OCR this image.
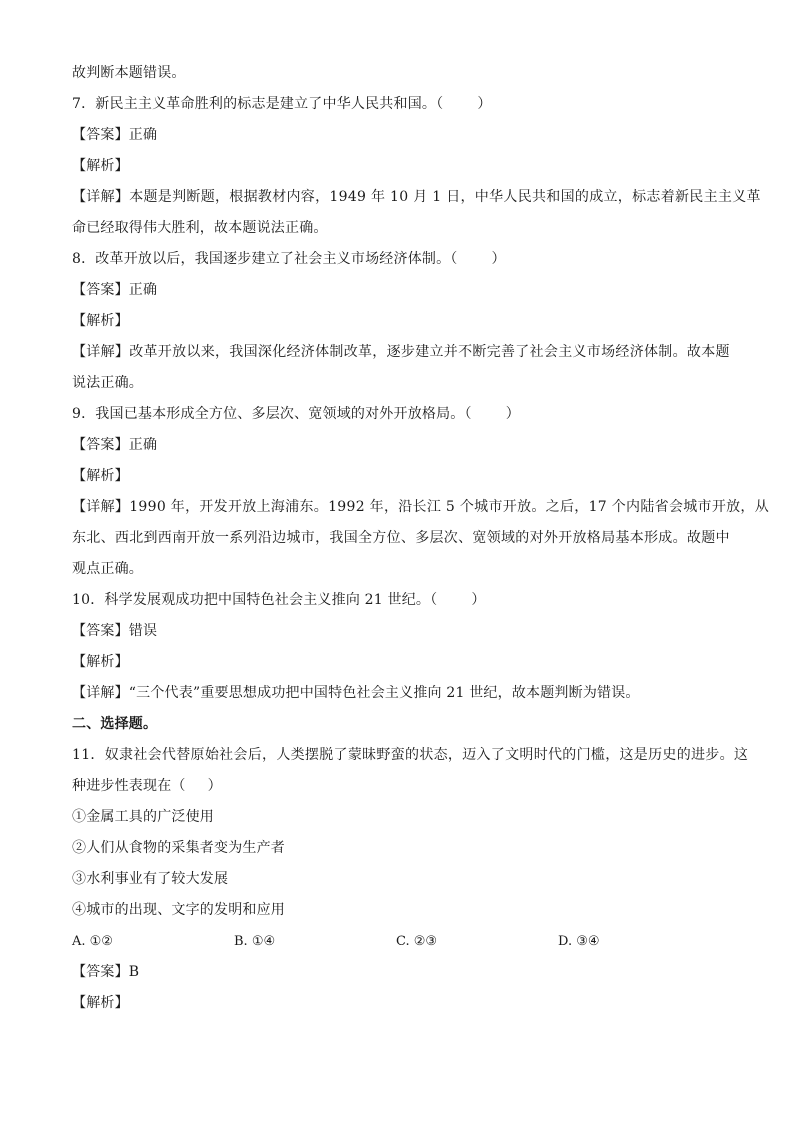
故判断本题错误。
7．新民主主义革命胜利的标志是建立了中华人民共和国。（ ）
【答案】正确
【解析】
【详解】本题是判断题，根据教材内容，1949 年 10 月 1 日，中华人民共和国的成立，标志着新民主主义革
命已经取得伟大胜利，故本题说法正确。
8．改革开放以后，我国逐步建立了社会主义市场经济体制。（ ）
【答案】正确
【解析】
【详解】改革开放以来，我国深化经济体制改革，逐步建立并不断完善了社会主义市场经济体制。故本题
说法正确。
9．我国已基本形成全方位、多层次、宽领域的对外开放格局。（ ）
【答案】正确
【解析】
【详解】1990 年，开发开放上海浦东。1992 年，沿长江 5 个城市开放。之后，17 个内陆省会城市开放，从
东北、西北到西南开放一系列沿边城市，我国全方位、多层次、宽领域的对外开放格局基本形成。故题中
观点正确。
10．科学发展观成功把中国特色社会主义推向 21 世纪。（ ）
【答案】错误
【解析】
【详解】“三个代表”重要思想成功把中国特色社会主义推向 21 世纪，故本题判断为错误。
二、选择题。
11．奴隶社会代替原始社会后，人类摆脱了蒙昧野蛮的状态，迈入了文明时代的门槛，这是历史的进步。这
种进步性表现在（ ）
①金属工具的广泛使用
②人们从食物的采集者变为生产者
③水利事业有了较大发展
④城市的出现、文字的发明和应用
A. ①②	B. ①④	C. ②③	D. ③④
【答案】B
【解析】
